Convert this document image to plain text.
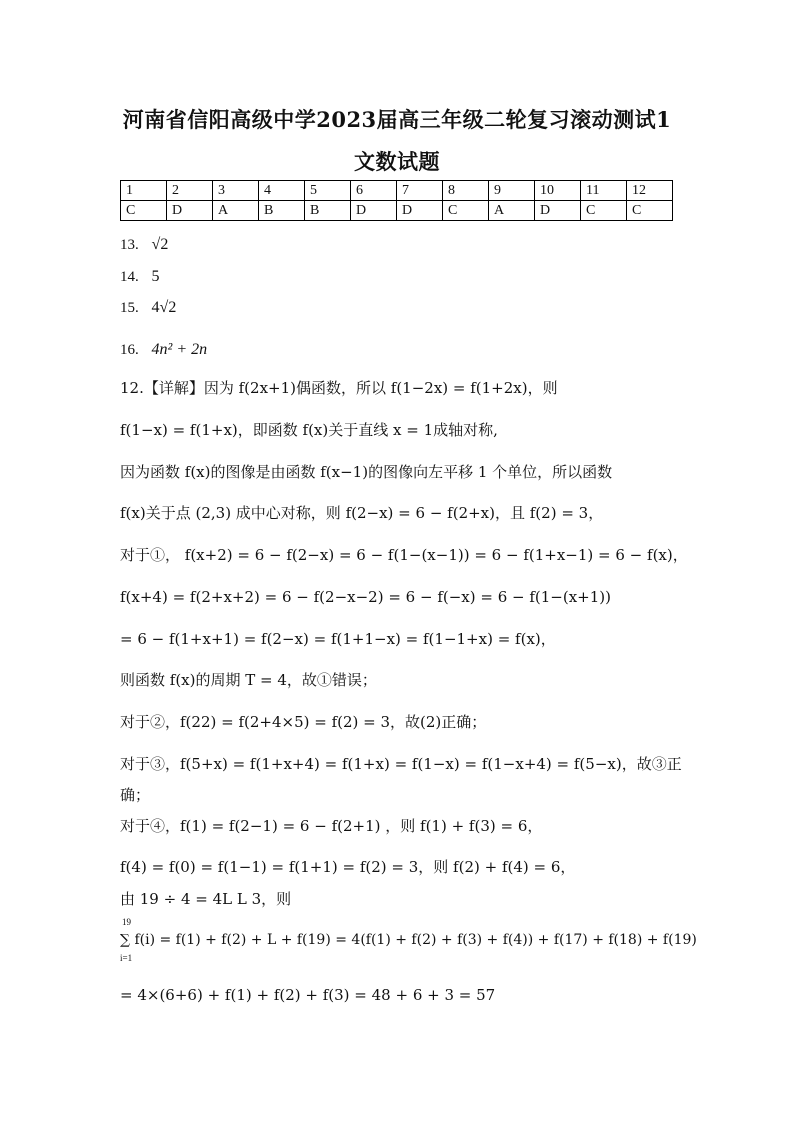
河南省信阳高级中学2023届高三年级二轮复习滚动测试1
文数试题
1	2	3	4	5	6	7	8	9	10	11	12
C	D	A	B	B	D	D	C	A	D	C	C
13. √2
14. 5
15. 4√2
16. 4n² + 2n
12.【详解】因为 f(2x+1)偶函数，所以 f(1−2x) = f(1+2x)，则
f(1−x) = f(1+x)，即函数 f(x)关于直线 x = 1成轴对称,
因为函数 f(x)的图像是由函数 f(x−1)的图像向左平移 1 个单位，所以函数
f(x)关于点 (2,3) 成中心对称，则 f(2−x) = 6 − f(2+x)，且 f(2) = 3，
对于①， f(x+2) = 6 − f(2−x) = 6 − f(1−(x−1)) = 6 − f(1+x−1) = 6 − f(x)，
f(x+4) = f(2+x+2) = 6 − f(2−x−2) = 6 − f(−x) = 6 − f(1−(x+1))
= 6 − f(1+x+1) = f(2−x) = f(1+1−x) = f(1−1+x) = f(x)，
则函数 f(x)的周期 T = 4，故①错误；
对于②，f(22) = f(2+4×5) = f(2) = 3，故(2)正确；
对于③，f(5+x) = f(1+x+4) = f(1+x) = f(1−x) = f(1−x+4) = f(5−x)，故③正
确；
对于④，f(1) = f(2−1) = 6 − f(2+1) ，则 f(1) + f(3) = 6，
f(4) = f(0) = f(1−1) = f(1+1) = f(2) = 3，则 f(2) + f(4) = 6，
由 19 ÷ 4 = 4L L 3，则
19
i=1
∑ f(i) = f(1) + f(2) + L + f(19) = 4(f(1) + f(2) + f(3) + f(4)) + f(17) + f(18) + f(19)
= 4×(6+6) + f(1) + f(2) + f(3) = 48 + 6 + 3 = 57
